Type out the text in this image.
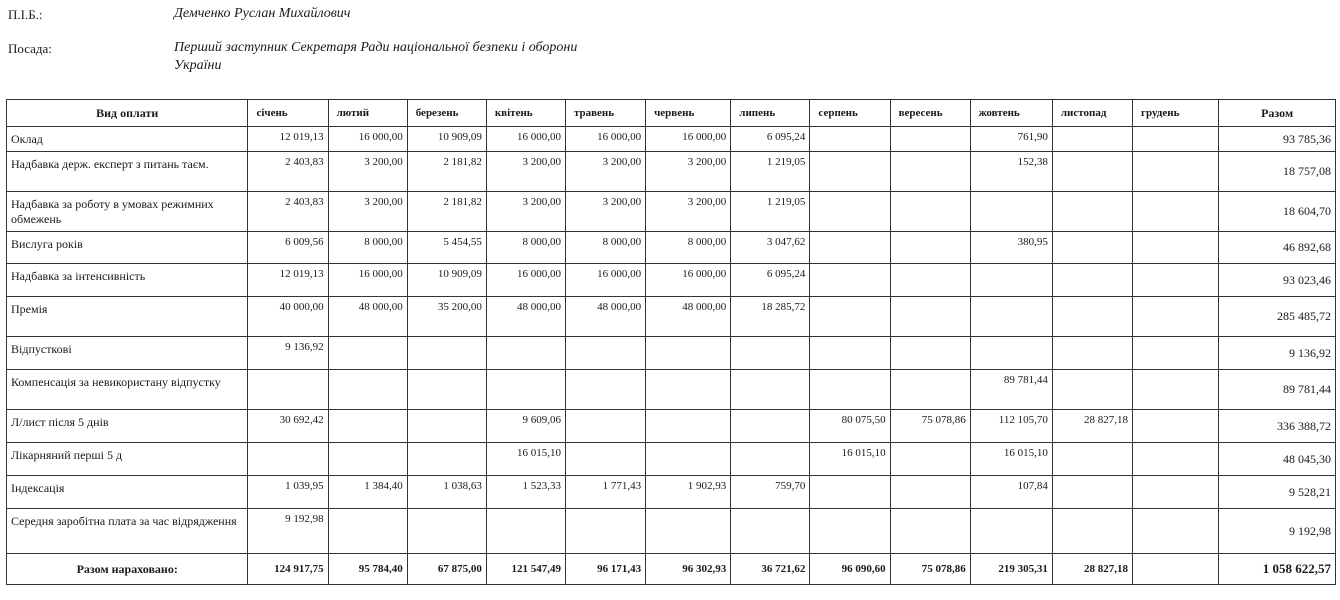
П.І.Б.:	Демченко Руслан Михайлович
Посада:	Перший заступник Секретаря Ради національної безпеки і оборони
України
Вид оплати	січень	лютий	березень	квітень	травень	червень	липень	серпень	вересень	жовтень	листопад	грудень	Разом
Оклад	12 019,13	16 000,00	10 909,09	16 000,00	16 000,00	16 000,00	6 095,24			761,90			93 785,36
Надбавка держ. експерт з питань таєм.	2 403,83	3 200,00	2 181,82	3 200,00	3 200,00	3 200,00	1 219,05			152,38			18 757,08
Надбавка за роботу в умовах режимних обмежень	2 403,83	3 200,00	2 181,82	3 200,00	3 200,00	3 200,00	1 219,05						18 604,70
Вислуга років	6 009,56	8 000,00	5 454,55	8 000,00	8 000,00	8 000,00	3 047,62			380,95			46 892,68
Надбавка за інтенсивність	12 019,13	16 000,00	10 909,09	16 000,00	16 000,00	16 000,00	6 095,24						93 023,46
Премія	40 000,00	48 000,00	35 200,00	48 000,00	48 000,00	48 000,00	18 285,72						285 485,72
Відпусткові	9 136,92												9 136,92
Компенсація за невикористану відпустку										89 781,44			89 781,44
Л/лист після 5 днів	30 692,42			9 609,06				80 075,50	75 078,86	112 105,70	28 827,18		336 388,72
Лікарняний перші 5 д				16 015,10				16 015,10		16 015,10			48 045,30
Індексація	1 039,95	1 384,40	1 038,63	1 523,33	1 771,43	1 902,93	759,70			107,84			9 528,21
Середня заробітна плата за час відрядження	9 192,98												9 192,98
Разом нараховано:	124 917,75	95 784,40	67 875,00	121 547,49	96 171,43	96 302,93	36 721,62	96 090,60	75 078,86	219 305,31	28 827,18		1 058 622,57
